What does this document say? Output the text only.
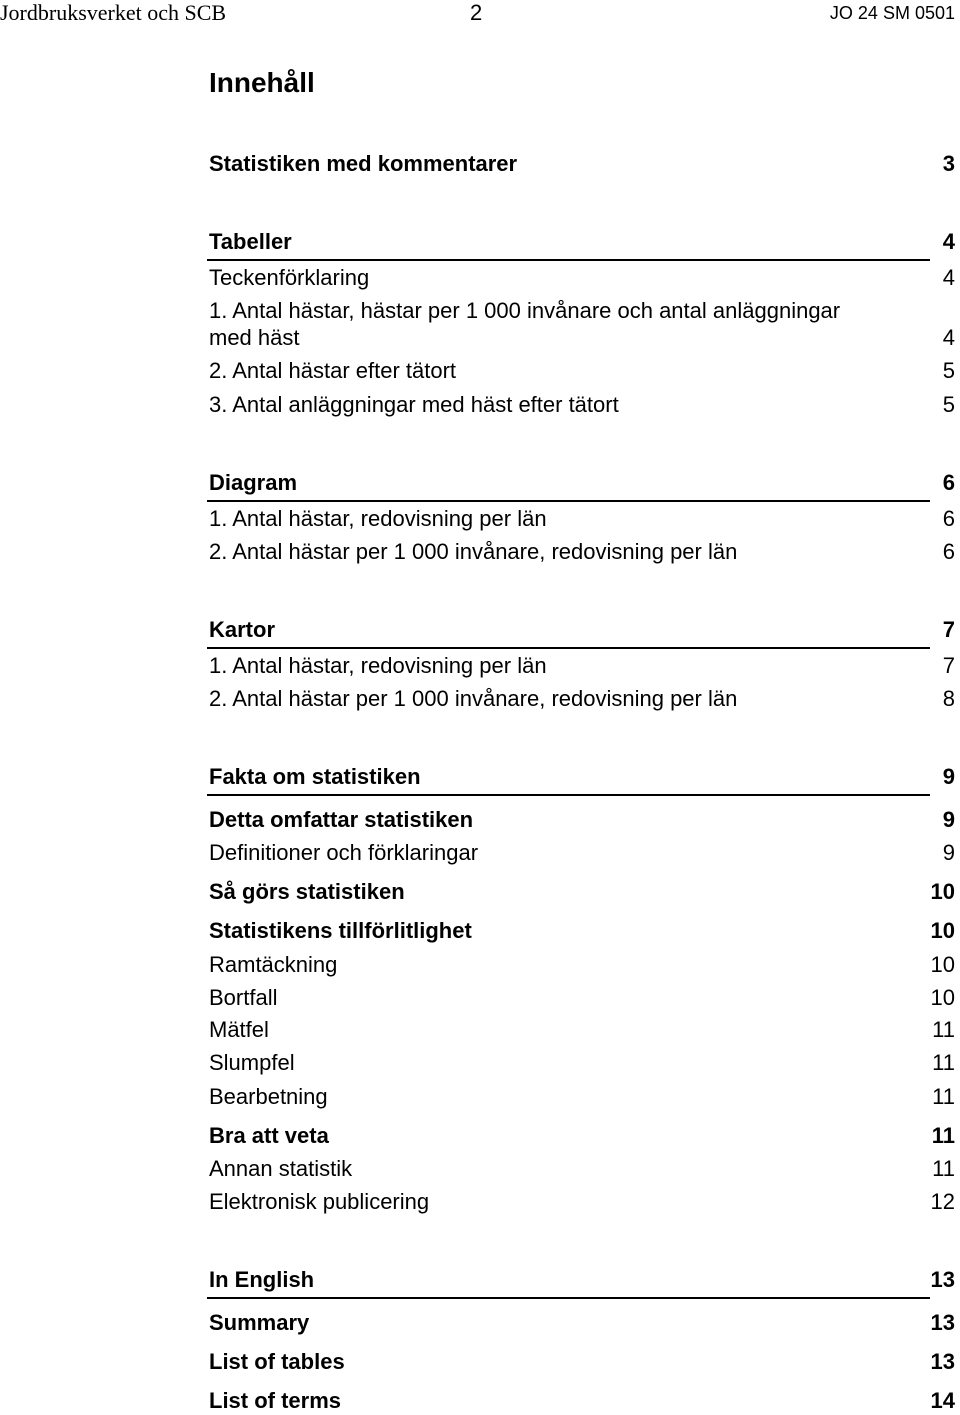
Jordbruksverket och SCB	2	JO 24 SM 0501
Innehåll
Statistiken med kommentarer	3
Tabeller	4
Teckenförklaring	4
1. Antal hästar, hästar per 1 000 invånare och antal anläggningar
med häst	4
2. Antal hästar efter tätort	5
3. Antal anläggningar med häst efter tätort	5
Diagram	6
1. Antal hästar, redovisning per län	6
2. Antal hästar per 1 000 invånare, redovisning per län	6
Kartor	7
1. Antal hästar, redovisning per län	7
2. Antal hästar per 1 000 invånare, redovisning per län	8
Fakta om statistiken	9
Detta omfattar statistiken	9
Definitioner och förklaringar	9
Så görs statistiken	10
Statistikens tillförlitlighet	10
Ramtäckning	10
Bortfall	10
Mätfel	11
Slumpfel	11
Bearbetning	11
Bra att veta	11
Annan statistik	11
Elektronisk publicering	12
In English	13
Summary	13
List of tables	13
List of terms	14
